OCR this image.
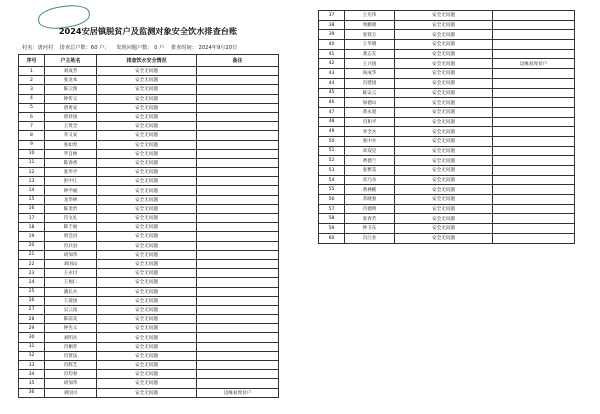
2024安居镇脱贫户及监测对象安全饮水排查台账
村名：唐河村 排查总户数：60 户； 发现问题户数： 0 户 排查时间： 2024年9月20日
序号	户主姓名	排查饮水安全情况	备注
1	刘成芳	安全无问题	
2	张龙本	安全无问题	
3	陈云图	安全无问题	
4	钟传义	安全无问题	
5	唐勇安	安全无问题	
6	唐祥国	安全无问题	
7	王贤全	安全无问题	
8	李又安	安全无问题	
9	张如寿	安全无问题	
10	罗自林	安全无问题	
11	陈春香	安全无问题	
12	张华平	安全无问题	
13	彭中江	安全无问题	
14	钟学福	安全无问题	
15	龙华林	安全无问题	
16	陈金贵	安全无问题	
17	肖文礼	安全无问题	
18	陈于福	安全无问题	
19	唐会昌	安全无问题	
20	肖兵县	安全无问题	
21	胡加华	安全无问题	
22	刘国山	安全无问题	
23	王永付	安全无问题	
24	王福仁	安全无问题	
25	潘长兵	安全无问题	
26	王爱国	安全无问题	
27	吴云南	安全无问题	
28	陈前美	安全无问题	
29	钟先义	安全无问题	
30	刘明兵	安全无问题	
31	肖桐乔	安全无问题	
32	肖贤法	安全无问题	
33	肖辉艺	安全无问题	
34	肖均春	安全无问题	
35	胡加华	安全无问题	
36	刘国兴	安全无问题	边缘易致贫户
37	王先伟	安全无问题	
38	周勤朋	安全无问题	
39	张铁万	安全无问题	
40	王华晓	安全无问题	
41	龚志友	安全无问题	
42	王兴国	安全无问题	边缘易致贫户
43	尚成华	安全无问题	
44	肖建国	安全无问题	
45	陈安云	安全无问题	
46	加德山	安全无问题	
47	黄永爱	安全无问题	
48	肖和平	安全无问题	
49	李全兵	安全无问题	
50	张中兵	安全无问题	
51	章双克	安全无问题	
52	黄德兰	安全无问题	
53	张繁美	安全无问题	
54	章乃水	安全无问题	
55	黄林樵	安全无问题	
56	苏晓春	安全无问题	
57	肖德明	安全无问题	
58	张春芳	安全无问题	
59	钟卫东	安全无问题	
60	肖江业	安全无问题	
